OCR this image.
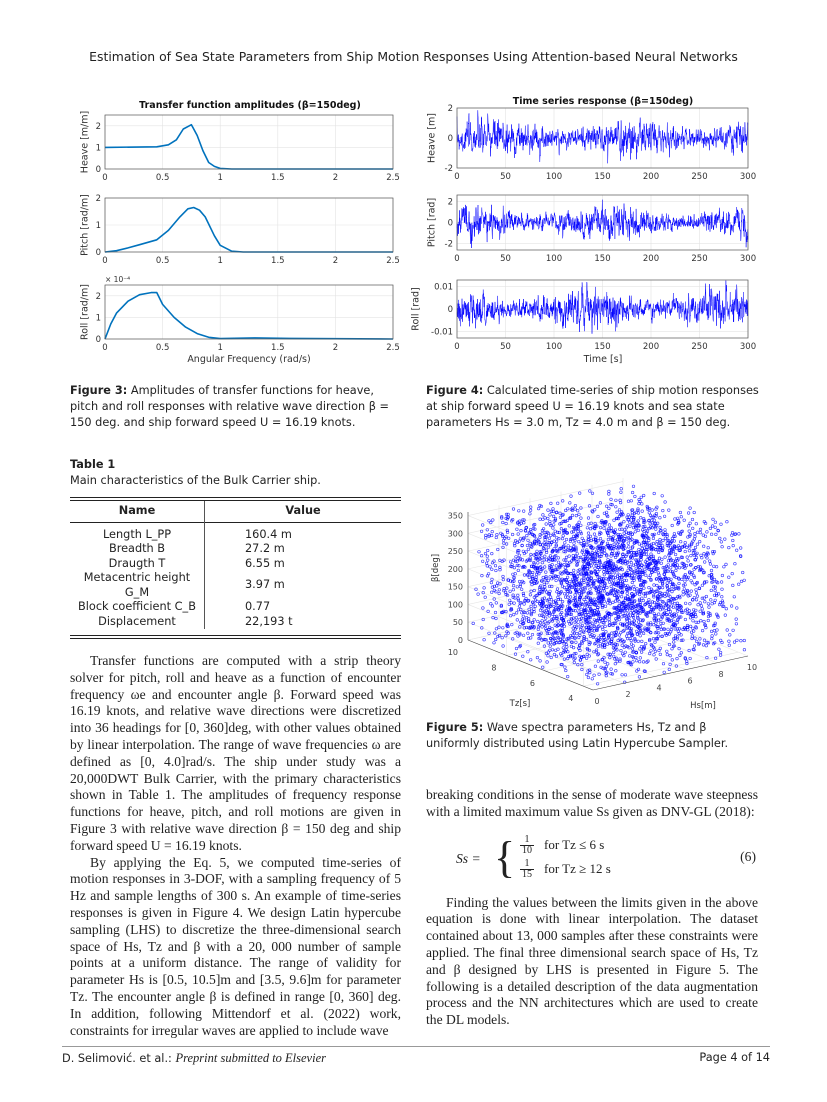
Estimation of Sea State Parameters from Ship Motion Responses Using Attention-based Neural Networks
Transfer function amplitudes (β=150deg)
0	0.5	1	1.5	2	2.5
0
1
2
Heave [m/m]
0	0.5	1	1.5	2	2.5
0
1
2
Pitch [rad/m]
0	0.5	1	1.5	2	2.5
0
1
2
Roll [rad/m]
× 10⁻⁴
Angular Frequency (rad/s)
Figure 3: Amplitudes of transfer functions for heave, pitch and roll responses with relative wave direction β = 150 deg. and ship forward speed U = 16.19 knots.
Time series response (β=150deg)
0	50	100	150	200	250	300
-2
0
2
Heave [m]
0	50	100	150	200	250	300
-2
0
2
Pitch [rad]
0	50	100	150	200	250	300
-0.01
0
0.01
Roll [rad]
Time [s]
Figure 4: Calculated time-series of ship motion responses at ship forward speed U = 16.19 knots and sea state parameters Hs = 3.0 m, Tz = 4.0 m and β = 150 deg.
Table 1
Main characteristics of the Bulk Carrier ship.
Name	Value
Length L_PP	160.4 m
Breadth B	27.2 m
Draugth T	6.55 m
Metacentric height G_M	3.97 m
Block coefficient C_B	0.77
Displacement	22,193 t
0
2
4
6
8
10
4
6
8
10
0
50
100
150
200
250
300
350
Hs[m]
Tz[s]
β[deg]
Figure 5: Wave spectra parameters Hs, Tz and β uniformly distributed using Latin Hypercube Sampler.

Transfer functions are computed with a strip theory solver for pitch, roll and heave as a function of encounter frequency ωe and encounter angle β. Forward speed was 16.19 knots, and relative wave directions were discretized into 36 headings for [0, 360]deg, with other values obtained by linear interpolation. The range of wave frequencies ω are defined as [0, 4.0]rad/s. The ship under study was a 20,000DWT Bulk Carrier, with the primary characteristics shown in Table 1. The amplitudes of frequency response functions for heave, pitch, and roll motions are given in Figure 3 with relative wave direction β = 150 deg and ship forward speed U = 16.19 knots.

By applying the Eq. 5, we computed time-series of motion responses in 3-DOF, with a sampling frequency of 5 Hz and sample lengths of 300 s. An example of time-series responses is given in Figure 4. We design Latin hypercube sampling (LHS) to discretize the three-dimensional search space of Hs, Tz and β with a 20, 000 number of sample points at a uniform distance. The range of validity for parameter Hs is [0.5, 10.5]m and [3.5, 9.6]m for parameter Tz. The encounter angle β is defined in range [0, 360] deg. In addition, following Mittendorf et al. (2022) work, constraints for irregular waves are applied to include wave

breaking conditions in the sense of moderate wave steepness with a limited maximum value Ss given as DNV-GL (2018):

Ss = { $\frac{1}{10}$ for Tz ≤ 6 s
$\frac{1}{15}$ for Tz ≥ 12 s
(6)

Finding the values between the limits given in the above equation is done with linear interpolation. The dataset contained about 13, 000 samples after these constraints were applied. The final three dimensional search space of Hs, Tz and β designed by LHS is presented in Figure 5. The following is a detailed description of the data augmentation process and the NN architectures which are used to create the DL models.

D. Selimović. et al.: Preprint submitted to Elsevier	Page 4 of 14
